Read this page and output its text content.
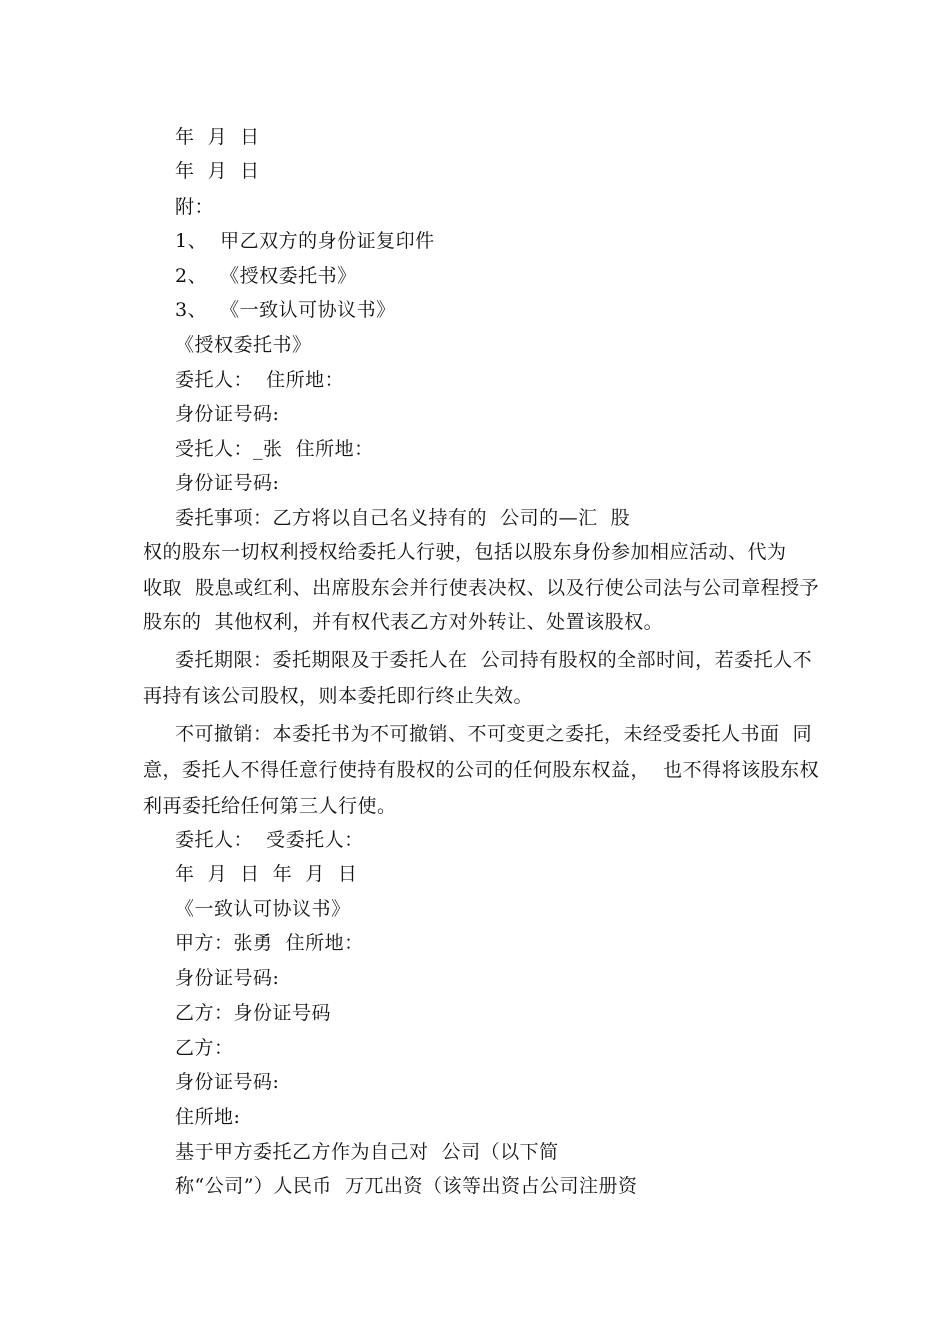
年  月  日
年  月  日
附：
1、  甲乙双方的身份证复印件
2、  《授权委托书》
3、  《一致认可协议书》
《授权委托书》
委托人：  住所地：
身份证号码:
受托人：_张  住所地：
身份证号码:
委托事项：乙方将以自己名义持有的  公司的—汇  股
权的股东一切权利授权给委托人行驶，包括以股东身份参加相应活动、代为
收取  股息或红利、出席股东会并行使表决权、以及行使公司法与公司章程授予
股东的  其他权利，并有权代表乙方对外转让、处置该股权。
委托期限：委托期限及于委托人在  公司持有股权的全部时间，若委托人不
再持有该公司股权，则本委托即行终止失效。
不可撤销：本委托书为不可撤销、不可变更之委托，未经受委托人书面  同
意，委托人不得任意行使持有股权的公司的任何股东权益，  也不得将该股东权
利再委托给任何第三人行使。
委托人：  受委托人：
年  月  日  年  月  日
《一致认可协议书》
甲方：张勇  住所地：
身份证号码:
乙方：身份证号码
乙方：
身份证号码:
住所地:
基于甲方委托乙方作为自己对  公司（以下简
称“公司”）人民币  万兀出资（该等出资占公司注册资
